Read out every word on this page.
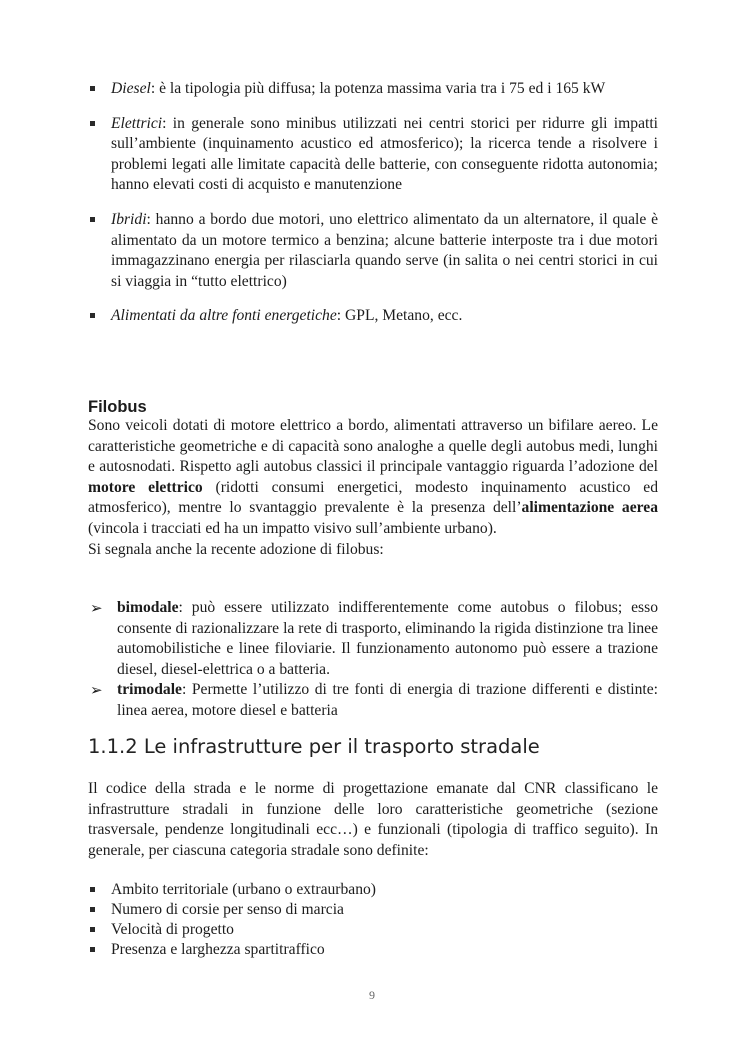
Diesel: è la tipologia più diffusa; la potenza massima varia tra i 75 ed i 165 kW
Elettrici: in generale sono minibus utilizzati nei centri storici per ridurre gli impatti sull’ambiente (inquinamento acustico ed atmosferico); la ricerca tende a risolvere i problemi legati alle limitate capacità delle batterie, con conseguente ridotta autonomia; hanno elevati costi di acquisto e manutenzione
Ibridi: hanno a bordo due motori, uno elettrico alimentato da un alternatore, il quale è alimentato da un motore termico a benzina; alcune batterie interposte tra i due motori immagazzinano energia per rilasciarla quando serve (in salita o nei centri storici in cui si viaggia in “tutto elettrico)
Alimentati da altre fonti energetiche: GPL, Metano, ecc.
Filobus

Sono veicoli dotati di motore elettrico a bordo, alimentati attraverso un bifilare aereo. Le caratteristiche geometriche e di capacità sono analoghe a quelle degli autobus medi, lunghi e autosnodati. Rispetto agli autobus classici il principale vantaggio riguarda l’adozione del motore elettrico (ridotti consumi energetici, modesto inquinamento acustico ed atmosferico), mentre lo svantaggio prevalente è la presenza dell’alimentazione aerea (vincola i tracciati ed ha un impatto visivo sull’ambiente urbano).
Si segnala anche la recente adozione di filobus:

➢ bimodale: può essere utilizzato indifferentemente come autobus o filobus; esso consente di razionalizzare la rete di trasporto, eliminando la rigida distinzione tra linee automobilistiche e linee filoviarie. Il funzionamento autonomo può essere a trazione diesel, diesel-elettrica o a batteria.
➢ trimodale: Permette l’utilizzo di tre fonti di energia di trazione differenti e distinte: linea aerea, motore diesel e batteria
1.1.2 Le infrastrutture per il trasporto stradale

Il codice della strada e le norme di progettazione emanate dal CNR classificano le infrastrutture stradali in funzione delle loro caratteristiche geometriche (sezione trasversale, pendenze longitudinali ecc…) e funzionali (tipologia di traffico seguito). In generale, per ciascuna categoria stradale sono definite:

Ambito territoriale (urbano o extraurbano)
Numero di corsie per senso di marcia
Velocità di progetto
Presenza e larghezza spartitraffico
9
